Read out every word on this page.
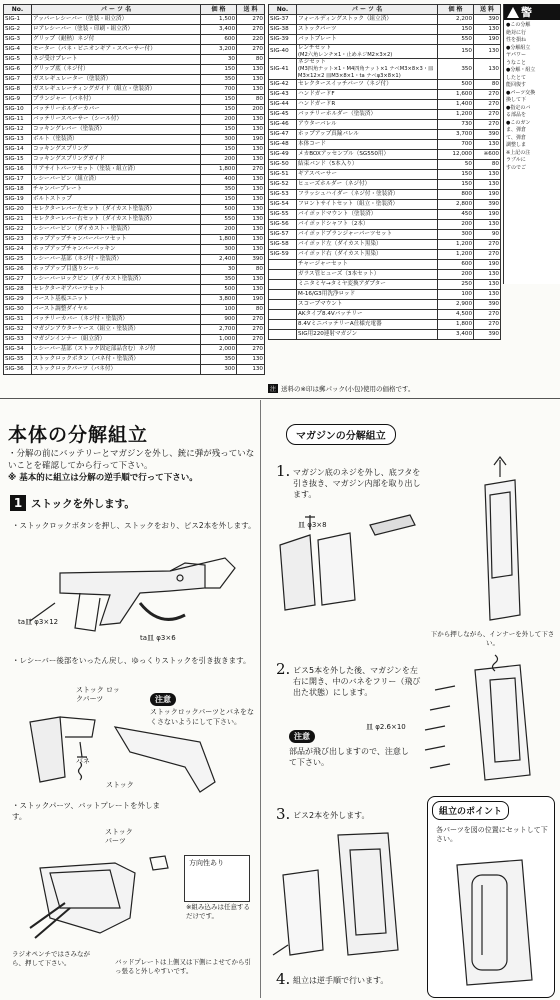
No.	パ ー ツ 名	価 格	送 料
SIG-1	アッパーレシーバー（塗装・組立済）	1,500	270
SIG-2	ロアレシーバー（塗装・印刷・組立済）	3,400	270
SIG-3	グリップ（耐熱）ネジ付	600	220
SIG-4	モーター（パネ・ピニオンギア・スペーサー付）	3,200	270
SIG-5	ネジ受けプレート	30	80
SIG-6	グリップ底（ネジ付）	150	130
SIG-7	ガスレギュレーター（塗装済）	350	130
SIG-8	ガスレギュレーティングガイド（組立・塗装済）	700	130
SIG-9	プランジャー（バネ付）	150	80
SIG-10	バッテリーホルダーカバー	150	200
SIG-11	バッテリースペーサー（シール付）	200	130
SIG-12	コッキングレバー（塗装済）	150	130
SIG-13	ボルト（塗装済）	300	190
SIG-14	コッキングスプリング	150	130
SIG-15	コッキングスプリングガイド	200	130
SIG-16	リアサイトパーツセット（塗装・組立済）	1,800	270
SIG-17	レシーバーピン（組立済）	400	130
SIG-18	チャンバープレート	350	130
SIG-19	ボルトストップ	150	130
SIG-20	セレクターレバー左セット（ダイカスト塗装済）	500	130
SIG-21	セレクターレバー右セット（ダイカスト塗装済）	550	130
SIG-22	レシーバーピン（ダイカスト・塗装済）	200	130
SIG-23	ホップアップチャンバーパーツセット	1,800	130
SIG-24	ホップアップチャンバーパッキン	300	130
SIG-25	レシーバー基部（ネジ付・塗装済）	2,400	390
SIG-26	ホップアップ目盛りシール	30	80
SIG-27	レシーバーロックピン（ダイカスト塗装済）	350	130
SIG-28	セレクターギアパーツセット	500	130
SIG-29	バースト基板ユニット	3,800	190
SIG-30	バースト調整ダイヤル	100	80
SIG-31	バッテリーカバー（ネジ付・塗装済）	900	270
SIG-32	マガジンアウターケース（組立・塗装済）	2,700	270
SIG-33	マガジンインナー（組立済）	1,000	270
SIG-34	レシーバー基部（ストック固定部品含む）ネジ付	2,000	270
SIG-35	ストックロックボタン（バネ付・塗装済）	350	130
SIG-36	ストックロックパーツ（バネ付）	300	130
No.	パ ー ツ 名	価 格	送 料
SIG-37	フォールディングストック（組立済）	2,200	390
SIG-38	ストックパーツ	150	130
SIG-39	バットプレート	550	190
SIG-40	レンチセット
(M2六角レンチ×1・止めネジM2×3×2)	150	130
SIG-41	ネジセット
(M3四角ナット×1・M4四角ナット×1 ナベM3×8×3・皿M3×12×2 皿M3×8×1・ta ナベφ3×8×1)	350	130
SIG-42	セレクタースイッチパーツ（ネジ付）	500	80
SIG-43	ハンドガードF	1,600	270
SIG-44	ハンドガードR	1,400	270
SIG-45	バッテリーホルダー（塗装済）	1,200	270
SIG-46	アウターバレル	730	270
SIG-47	ホップアップ真鍮バレル	3,700	390
SIG-48	本体コード	700	130
SIG-49	メカBOXアッセンブル（SG550用）	12,000	※600
SIG-50	結束バンド（5本入り）	50	80
SIG-51	ギアスペーサー	150	130
SIG-52	ヒューズホルダー（ネジ付）	150	130
SIG-53	フラッシュハイダー（ネジ付・塗装済）	800	190
SIG-54	フロントサイトセット（組立・塗装済）	2,800	390
SIG-55	バイポッドマウント（塗装済）	450	190
SIG-56	バイポッドシャフト（2本）	200	130
SIG-57	バイポッドプランジャーパーツセット	300	90
SIG-58	バイポッド左（ダイカスト黒染）	1,200	270
SIG-59	バイポッド右（ダイカスト黒染）	1,200	270
	チャージャーセット	600	190
	ガラス管ヒューズ（3本セット）	200	130
	ミニタミヤ→タミヤ変換アダプター	250	130
	M-16/G3用洗浄ロッド	100	130
	スコープマウント	2,900	390
	AKタイプ8.4Vバッテリー	4,500	270
	8.4VミニバッテリーA仕様充電器	1,800	270
	SIG用220連射マガジン	3,400	390
注 送料の※印は郵パック(小包)使用の価格です。
警
●この分解
絶対に行
性を損ね
●分解組立
ヤパワー
うなこと
●分解・組立
したとて
能回復す
●パーツ交換
換して下
●指定のバ
る部品を
●このガン
ま、弾倉
て、弾倉
調整しま
※上記の注
ラブルに
すのでご
本体の分解組立
・分解の前にバッテリーとマガジンを外し、銃に弾が残っていないことを確認してから行って下さい。
※ 基本的に組立は分解の逆手順で行って下さい。
1 ストックを外します。
・ストックロックボタンを押し、ストックをおり、ビス2本を外します。
ta皿 φ3×12
ta皿 φ3×6
・レシーバー後部をいったん戻し、ゆっくりストックを引き抜きます。
ストック ロックパーツ
バネ
ストック
注意
ストックロックパーツとバネをなくさないようにして下さい。
・ストックパーツ、バットプレートを外します。
ストック パーツ
方向性あり
※組み込みは任意する だけです。
ラジオペンチではさみながら、押して下さい。	バッドプレートは上側又は下側によせてから引っ張ると外しやすいです。
マガジンの分解組立
1. マガジン底のネジを外し、底フタを引き抜き、マガジン内部を取り出します。
皿 φ3×8
下から押しながら、インナーを外して下さい。
2. ビス5本を外した後、マガジンを左右に開き、中のバネをフリー（飛び出た状態）にします。
皿 φ2.6×10
注意
部品が飛び出しますので、注意して下さい。
3. ビス2本を外します。
4. 組立は逆手順で行います。
組立のポイント
各パーツを図の位置にセットして下さい。
